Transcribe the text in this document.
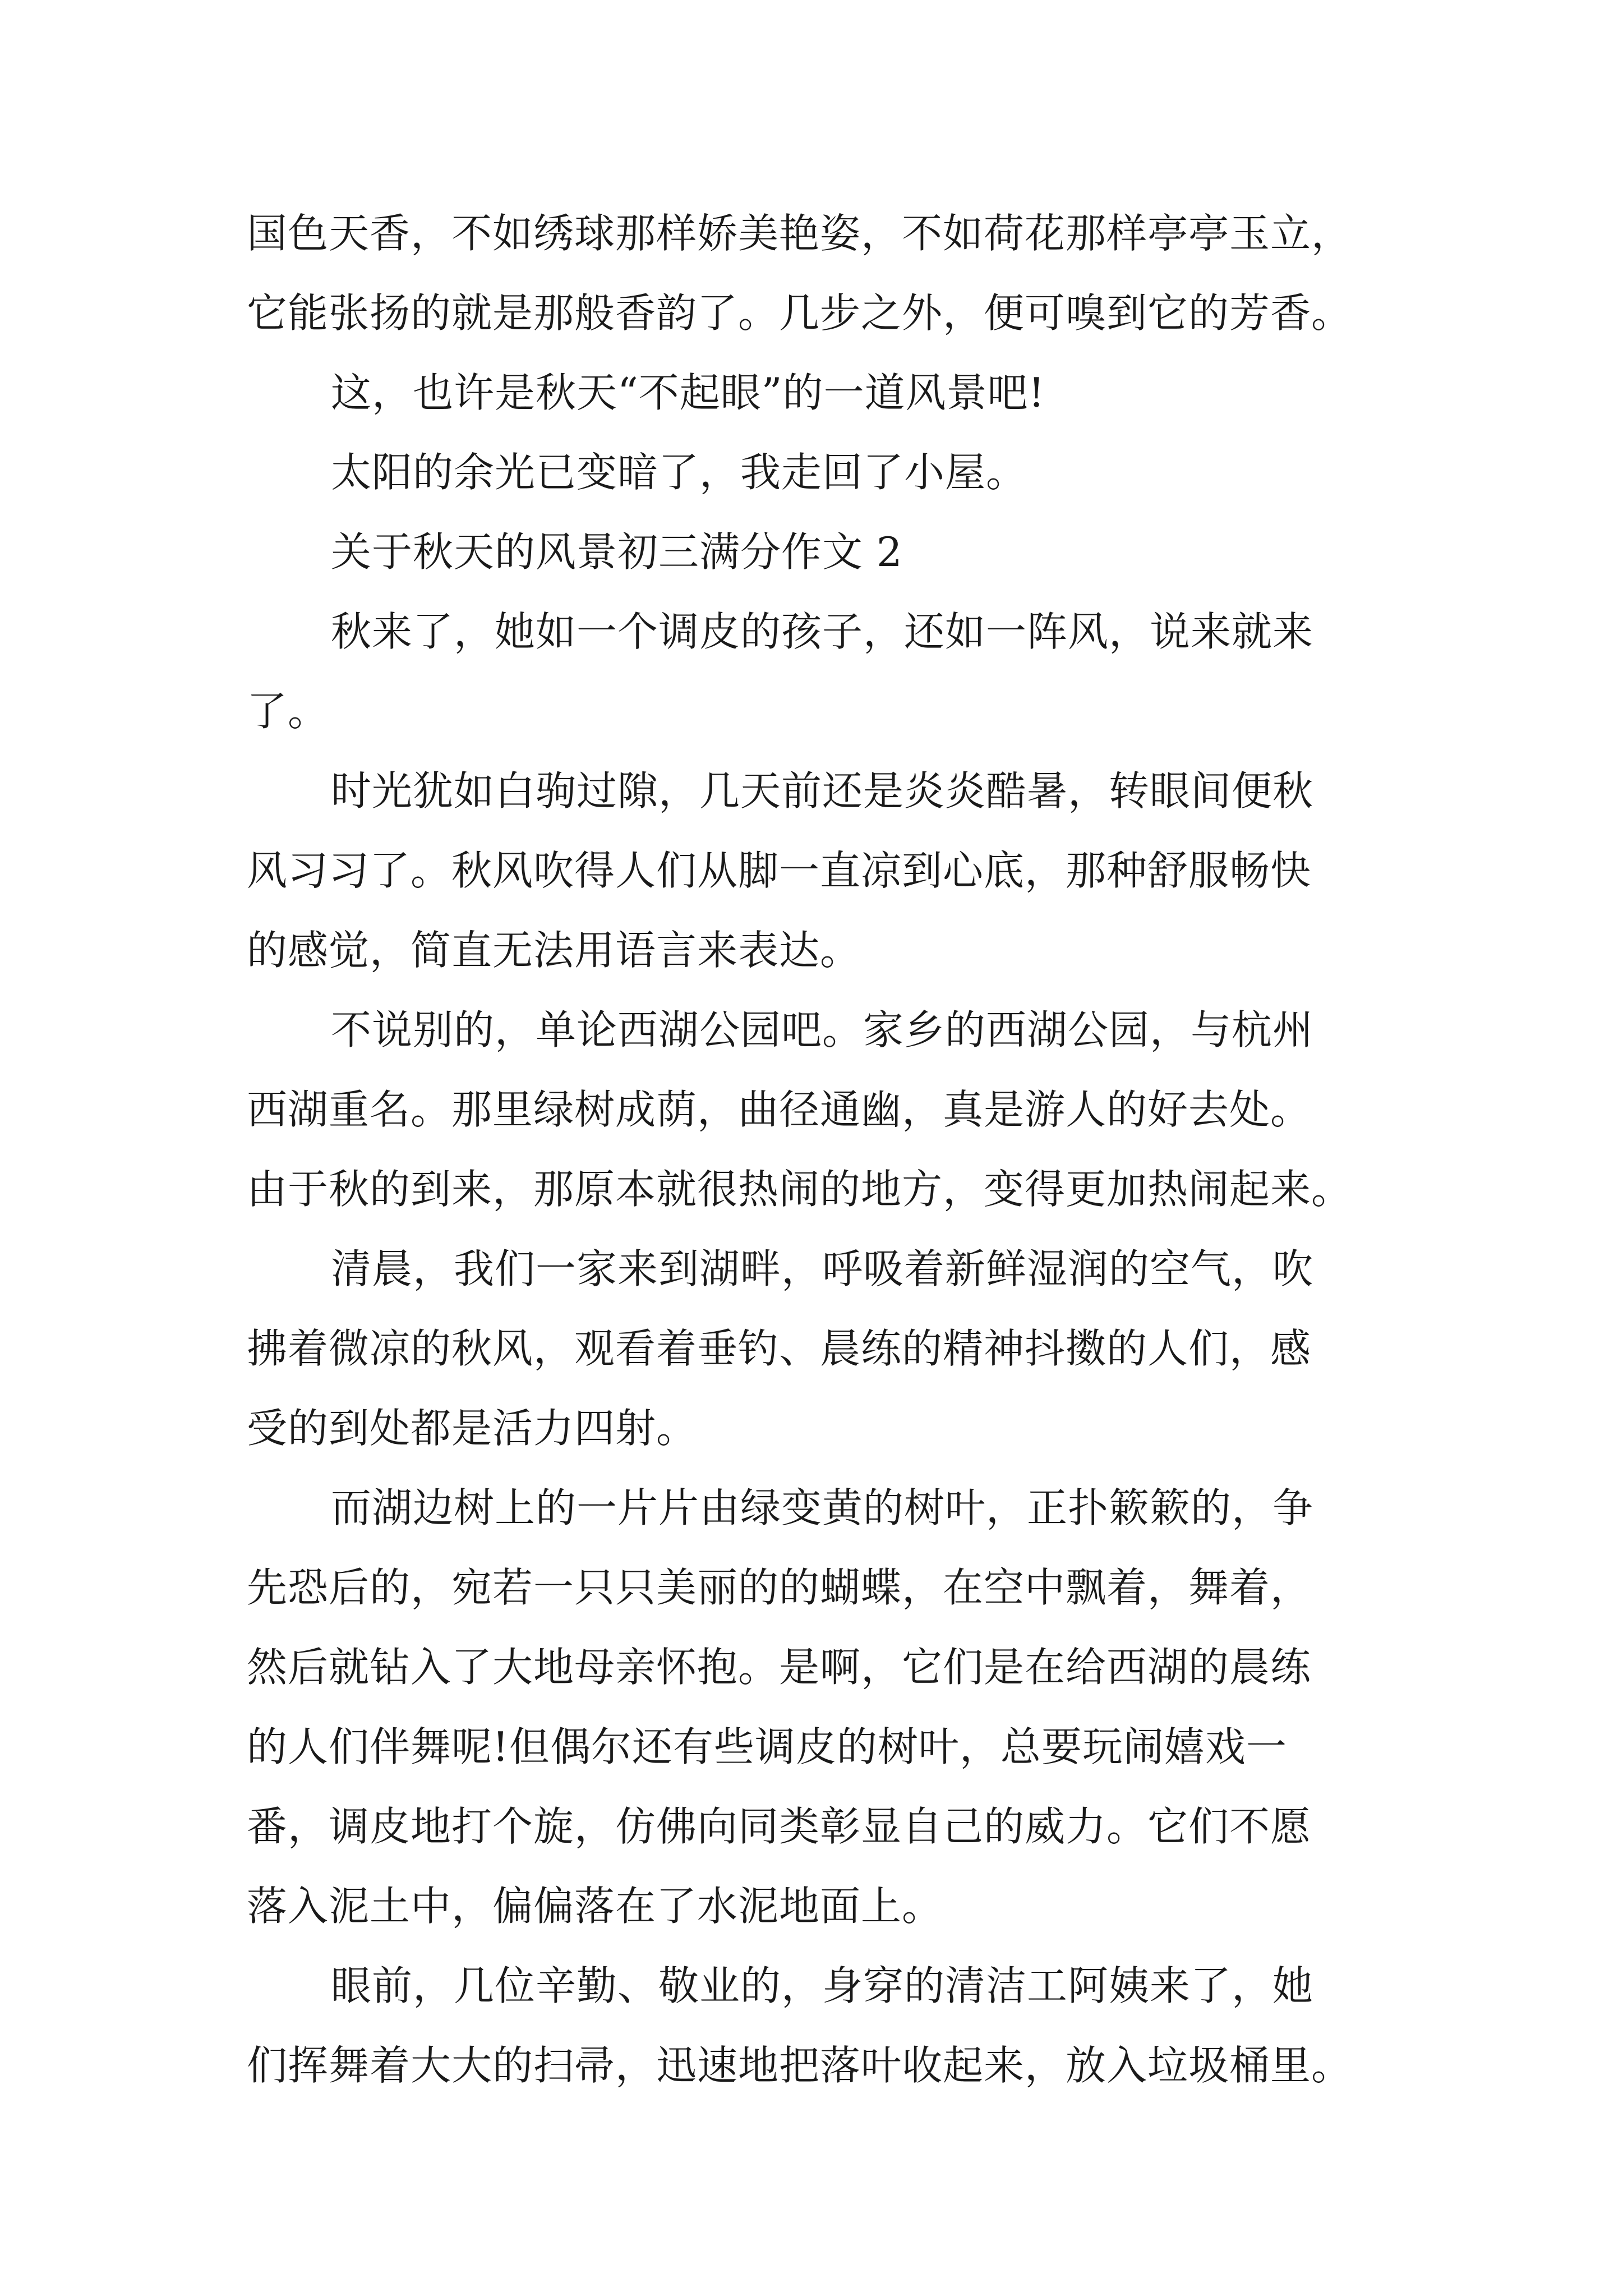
国色天香，不如绣球那样娇美艳姿，不如荷花那样亭亭玉立，
它能张扬的就是那般香韵了。几步之外，便可嗅到它的芳香。
这，也许是秋天“不起眼”的一道风景吧!
太阳的余光已变暗了，我走回了小屋。
关于秋天的风景初三满分作文 2
秋来了，她如一个调皮的孩子，还如一阵风，说来就来
了。
时光犹如白驹过隙，几天前还是炎炎酷暑，转眼间便秋
风习习了。秋风吹得人们从脚一直凉到心底，那种舒服畅快
的感觉，简直无法用语言来表达。
不说别的，单论西湖公园吧。家乡的西湖公园，与杭州
西湖重名。那里绿树成荫，曲径通幽，真是游人的好去处。
由于秋的到来，那原本就很热闹的地方，变得更加热闹起来。
清晨，我们一家来到湖畔，呼吸着新鲜湿润的空气，吹
拂着微凉的秋风，观看着垂钓、晨练的精神抖擞的人们，感
受的到处都是活力四射。
而湖边树上的一片片由绿变黄的树叶，正扑簌簌的，争
先恐后的，宛若一只只美丽的的蝴蝶，在空中飘着，舞着，
然后就钻入了大地母亲怀抱。是啊，它们是在给西湖的晨练
的人们伴舞呢!但偶尔还有些调皮的树叶，总要玩闹嬉戏一
番，调皮地打个旋，仿佛向同类彰显自己的威力。它们不愿
落入泥土中，偏偏落在了水泥地面上。
眼前，几位辛勤、敬业的，身穿的清洁工阿姨来了，她
们挥舞着大大的扫帚，迅速地把落叶收起来，放入垃圾桶里。
